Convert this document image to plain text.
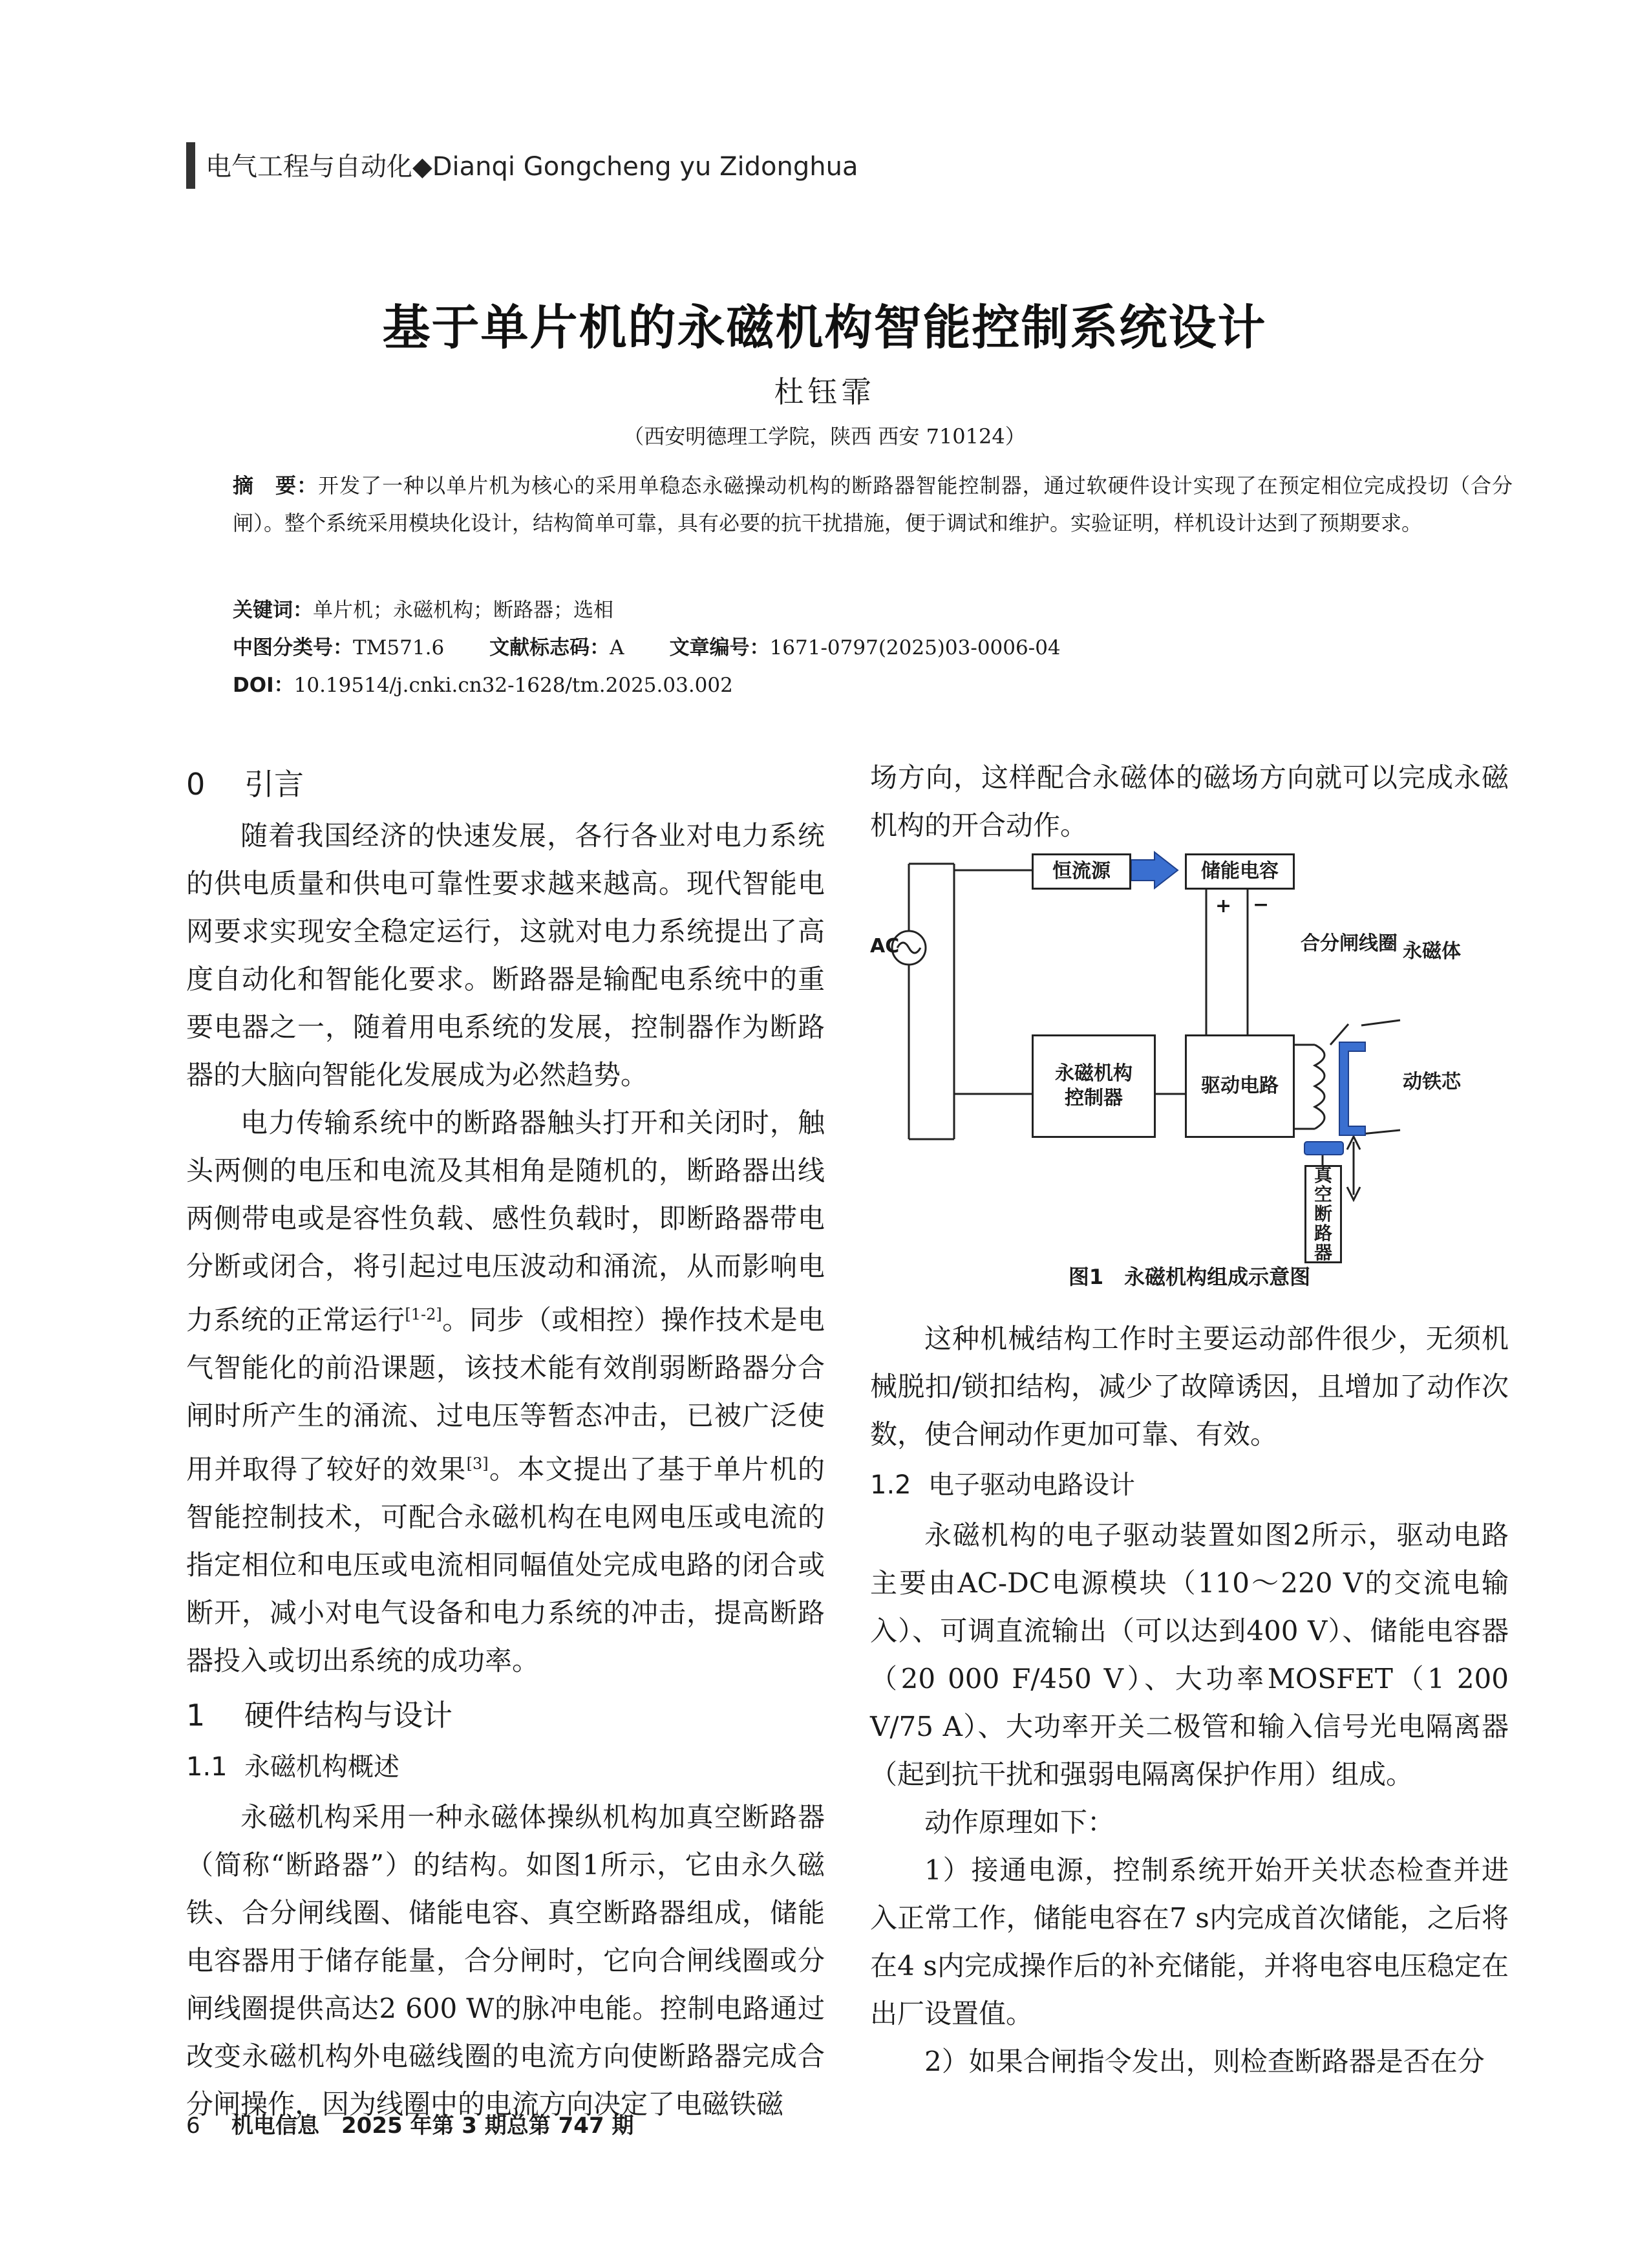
电气工程与自动化◆Dianqi Gongcheng yu Zidonghua
基于单片机的永磁机构智能控制系统设计
杜钰霏
（西安明德理工学院，陕西 西安 710124）
摘　要：开发了一种以单片机为核心的采用单稳态永磁操动机构的断路器智能控制器，通过软硬件设计实现了在预定相位完成投切（合分闸）。整个系统采用模块化设计，结构简单可靠，具有必要的抗干扰措施，便于调试和维护。实验证明，样机设计达到了预期要求。
关键词：单片机；永磁机构；断路器；选相
中图分类号：TM571.6 文献标志码：A 文章编号：1671-0797(2025)03-0006-04
DOI：10.19514/j.cnki.cn32-1628/tm.2025.03.002
0 引言

随着我国经济的快速发展，各行各业对电力系统的供电质量和供电可靠性要求越来越高。现代智能电网要求实现安全稳定运行，这就对电力系统提出了高度自动化和智能化要求。断路器是输配电系统中的重要电器之一，随着用电系统的发展，控制器作为断路器的大脑向智能化发展成为必然趋势。

电力传输系统中的断路器触头打开和关闭时，触头两侧的电压和电流及其相角是随机的，断路器出线两侧带电或是容性负载、感性负载时，即断路器带电分断或闭合，将引起过电压波动和涌流，从而影响电力系统的正常运行[1-2]。同步（或相控）操作技术是电气智能化的前沿课题，该技术能有效削弱断路器分合闸时所产生的涌流、过电压等暂态冲击，已被广泛使用并取得了较好的效果[3]。本文提出了基于单片机的智能控制技术，可配合永磁机构在电网电压或电流的指定相位和电压或电流相同幅值处完成电路的闭合或断开，减小对电气设备和电力系统的冲击，提高断路器投入或切出系统的成功率。

1 硬件结构与设计
1.1 永磁机构概述

永磁机构采用一种永磁体操纵机构加真空断路器（简称“断路器”）的结构。如图1所示，它由永久磁铁、合分闸线圈、储能电容、真空断路器组成，储能电容器用于储存能量，合分闸时，它向合闸线圈或分闸线圈提供高达2 600 W的脉冲电能。控制电路通过改变永磁机构外电磁线圈的电流方向使断路器完成合分闸操作，因为线圈中的电流方向决定了电磁铁磁

场方向，这样配合永磁体的磁场方向就可以完成永磁机构的开合动作。

AC
恒流源	储能电容
+ −
合分闸线圈 永磁体
永磁机构
控制器
驱动电路	动铁芯
真
空
断
路
器
图1　永磁机构组成示意图

这种机械结构工作时主要运动部件很少，无须机械脱扣/锁扣结构，减少了故障诱因，且增加了动作次数，使合闸动作更加可靠、有效。

1.2 电子驱动电路设计

永磁机构的电子驱动装置如图2所示，驱动电路主要由AC-DC电源模块（110～220 V的交流电输入）、可调直流输出（可以达到400 V）、储能电容器（20 000 F/450 V）、大功率MOSFET（1 200 V/75 A）、大功率开关二极管和输入信号光电隔离器（起到抗干扰和强弱电隔离保护作用）组成。

动作原理如下：

1）接通电源，控制系统开始开关状态检查并进入正常工作，储能电容在7 s内完成首次储能，之后将在4 s内完成操作后的补充储能，并将电容电压稳定在出厂设置值。

2）如果合闸指令发出，则检查断路器是否在分

6 机电信息　2025 年第 3 期总第 747 期
